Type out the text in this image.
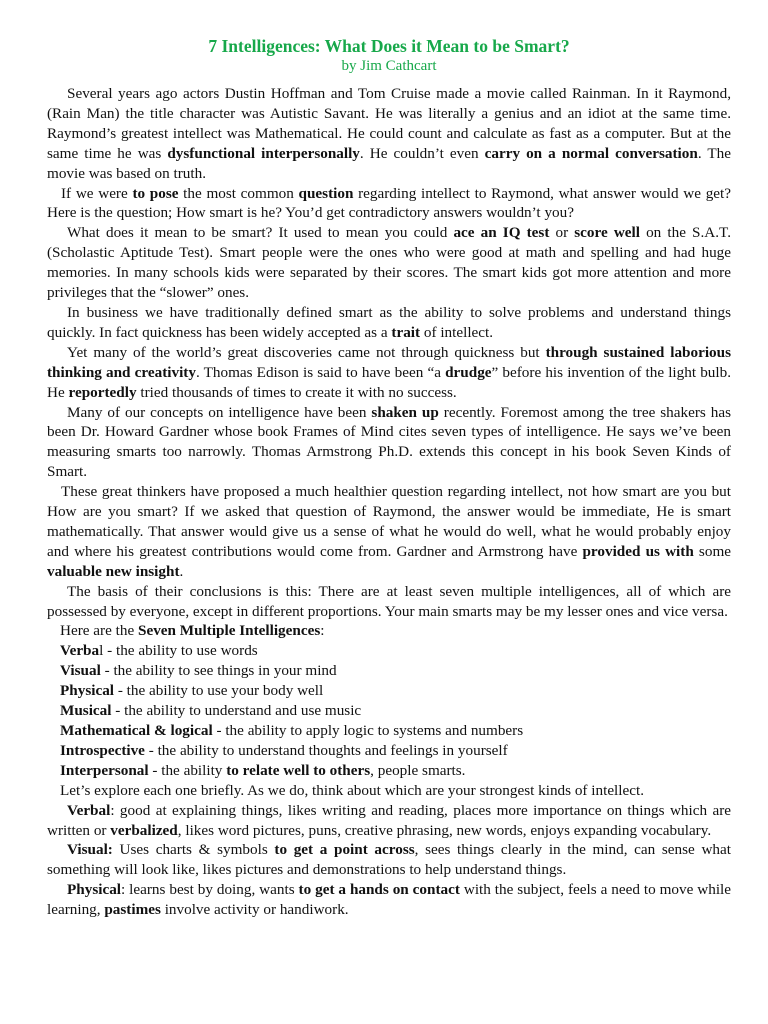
7 Intelligences: What Does it Mean to be Smart?
by Jim Cathcart

Several years ago actors Dustin Hoffman and Tom Cruise made a movie called Rainman. In it Raymond, (Rain Man) the title character was Autistic Savant. He was literally a genius and an idiot at the same time. Raymond’s greatest intellect was Mathematical. He could count and calculate as fast as a computer. But at the same time he was dysfunctional interpersonally. He couldn’t even carry on a normal conversation. The movie was based on truth.

If we were to pose the most common question regarding intellect to Raymond, what answer would we get? Here is the question; How smart is he? You’d get contradictory answers wouldn’t you?

What does it mean to be smart? It used to mean you could ace an IQ test or score well on the S.A.T. (Scholastic Aptitude Test). Smart people were the ones who were good at math and spelling and had huge memories. In many schools kids were separated by their scores. The smart kids got more attention and more privileges that the “slower” ones.

In business we have traditionally defined smart as the ability to solve problems and understand things quickly. In fact quickness has been widely accepted as a trait of intellect.

Yet many of the world’s great discoveries came not through quickness but through sustained laborious thinking and creativity. Thomas Edison is said to have been “a drudge” before his invention of the light bulb. He reportedly tried thousands of times to create it with no success.

Many of our concepts on intelligence have been shaken up recently. Foremost among the tree shakers has been Dr. Howard Gardner whose book Frames of Mind cites seven types of intelligence. He says we’ve been measuring smarts too narrowly. Thomas Armstrong Ph.D. extends this concept in his book Seven Kinds of Smart.

These great thinkers have proposed a much healthier question regarding intellect, not how smart are you but How are you smart? If we asked that question of Raymond, the answer would be immediate, He is smart mathematically. That answer would give us a sense of what he would do well, what he would probably enjoy and where his greatest contributions would come from. Gardner and Armstrong have provided us with some valuable new insight.

The basis of their conclusions is this: There are at least seven multiple intelligences, all of which are possessed by everyone, except in different proportions. Your main smarts may be my lesser ones and vice versa.

Here are the Seven Multiple Intelligences:
Verbal - the ability to use words
Visual - the ability to see things in your mind
Physical - the ability to use your body well
Musical - the ability to understand and use music
Mathematical & logical - the ability to apply logic to systems and numbers
Introspective - the ability to understand thoughts and feelings in yourself
Interpersonal - the ability to relate well to others, people smarts.
Let’s explore each one briefly. As we do, think about which are your strongest kinds of intellect.

Verbal: good at explaining things, likes writing and reading, places more importance on things which are written or verbalized, likes word pictures, puns, creative phrasing, new words, enjoys expanding vocabulary.

Visual: Uses charts & symbols to get a point across, sees things clearly in the mind, can sense what something will look like, likes pictures and demonstrations to help understand things.

Physical: learns best by doing, wants to get a hands on contact with the subject, feels a need to move while learning, pastimes involve activity or handiwork.
